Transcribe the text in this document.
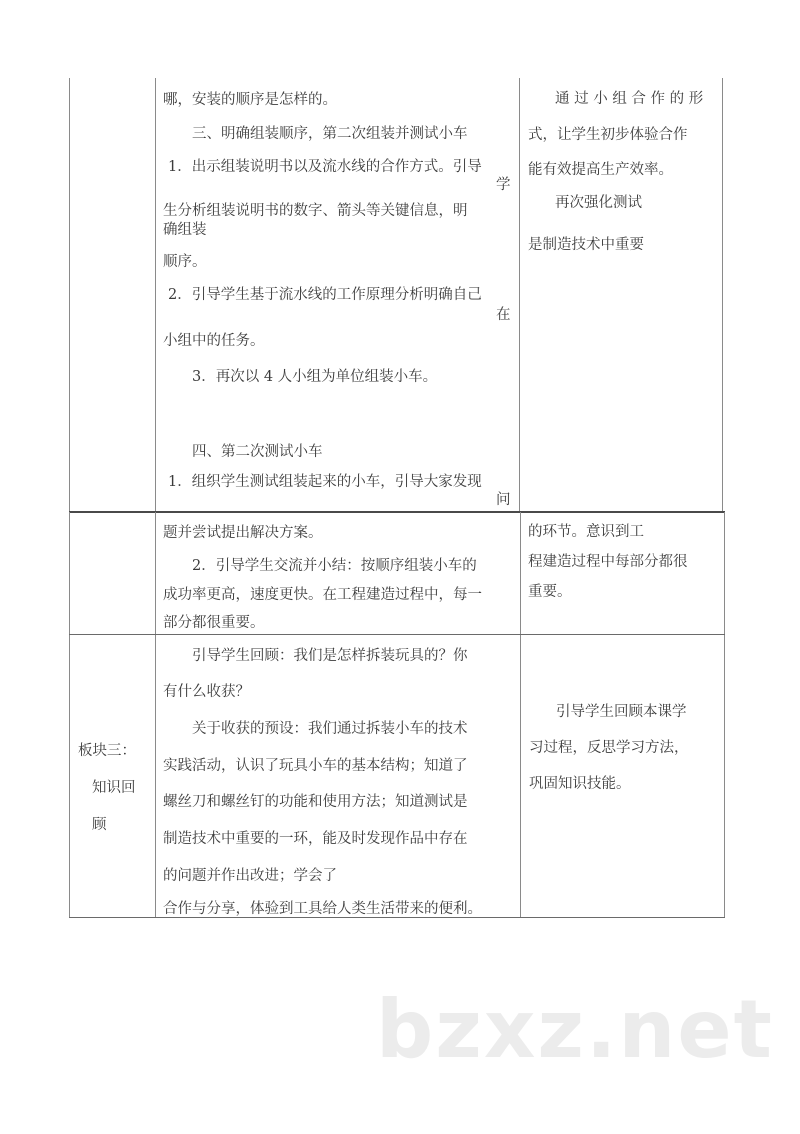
哪，安装的顺序是怎样的。
三、明确组装顺序，第二次组装并测试小车
1．出示组装说明书以及流水线的合作方式。引导
学
生分析组装说明书的数字、箭头等关键信息，明
确组装
顺序。
2．引导学生基于流水线的工作原理分析明确自己
在
小组中的任务。
3．再次以 4 人小组为单位组装小车。
四、第二次测试小车
1．组织学生测试组装起来的小车，引导大家发现
问
通 过 小 组 合 作 的 形
式，让学生初步体验合作
能有效提高生产效率。
再次强化测试
是制造技术中重要
题并尝试提出解决方案。
2．引导学生交流并小结：按顺序组装小车的
成功率更高，速度更快。在工程建造过程中，每一
部分都很重要。
的环节。意识到工
程建造过程中每部分都很
重要。
板块三：
知识回
顾
引导学生回顾：我们是怎样拆装玩具的？你
有什么收获？
关于收获的预设：我们通过拆装小车的技术
实践活动，认识了玩具小车的基本结构；知道了
螺丝刀和螺丝钉的功能和使用方法；知道测试是
制造技术中重要的一环，能及时发现作品中存在
的问题并作出改进；学会了
合作与分享，体验到工具给人类生活带来的便利。
引导学生回顾本课学
习过程，反思学习方法，
巩固知识技能。
bzxz.net
